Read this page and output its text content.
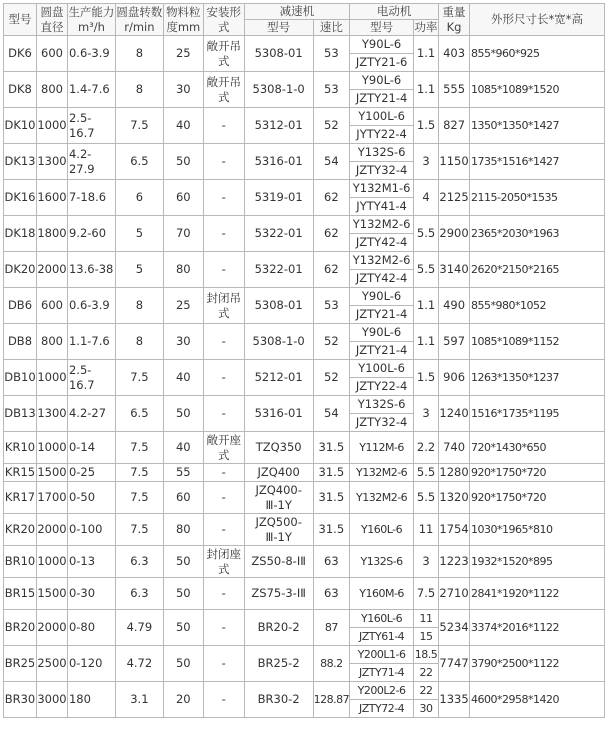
型号	圆盘直径	生产能力m³/h	圆盘转数r/min	物料粒度mm	安装形式	减速机		电动机		重量Kg	外形尺寸长*宽*高
						型号	速比	型号	功率		
DK6	600	0.6-3.9	8	25	敞开吊式	5308-01	53	Y90L-6	1.1	403	855*960*925
								JZTY21-6			
DK8	800	1.4-7.6	8	30	敞开吊式	5308-1-0	53	Y90L-6	1.1	555	1085*1089*1520
								JZTY21-4			
DK10	1000	2.5-16.7	7.5	40	-	5312-01	52	Y100L-6	1.5	827	1350*1350*1427
								JYTY22-4			
DK13	1300	4.2-27.9	6.5	50	-	5316-01	54	Y132S-6	3	1150	1735*1516*1427
								JZTY32-4			
DK16	1600	7-18.6	6	60	-	5319-01	62	Y132M1-6	4	2125	2115-2050*1535
								JYTY41-4			
DK18	1800	9.2-60	5	70	-	5322-01	62	Y132M2-6	5.5	2900	2365*2030*1963
								JZTY42-4			
DK20	2000	13.6-38	5	80	-	5322-01	62	Y132M2-6	5.5	3140	2620*2150*2165
								JZTY42-4			
DB6	600	0.6-3.9	8	25	封闭吊式	5308-01	53	Y90L-6	1.1	490	855*980*1052
								JZTY21-4			
DB8	800	1.1-7.6	8	30	-	5308-1-0	52	Y90L-6	1.1	597	1085*1089*1152
								JZTY21-4			
DB10	1000	2.5-16.7	7.5	40	-	5212-01	52	Y100L-6	1.5	906	1263*1350*1237
								JZTY22-4			
DB13	1300	4.2-27	6.5	50	-	5316-01	54	Y132S-6	3	1240	1516*1735*1195
								JZTY32-4			
KR10	1000	0-14	7.5	40	敞开座式	TZQ350	31.5	Y112M-6	2.2	740	720*1430*650
KR15	1500	0-25	7.5	55	-	JZQ400	31.5	Y132M2-6	5.5	1280	920*1750*720
KR17	1700	0-50	7.5	60	-	JZQ400-Ⅲ-1Y	31.5	Y132M2-6	5.5	1320	920*1750*720
KR20	2000	0-100	7.5	80	-	JZQ500-Ⅲ-1Y	31.5	Y160L-6	11	1754	1030*1965*810
BR10	1000	0-13	6.3	50	封闭座式	ZS50-8-ⅠⅡ	63	Y132S-6	3	1223	1932*1520*895
BR15	1500	0-30	6.3	50	-	ZS75-3-ⅠⅡ	63	Y160M-6	7.5	2710	2841*1920*1122
BR20	2000	0-80	4.79	50	-	BR20-2	87	Y160L-6	11	5234	3374*2016*1122
								JZTY61-4	15		
BR25	2500	0-120	4.72	50	-	BR25-2	88.2	Y200L1-6	18.5	7747	3790*2500*1122
								JZTY71-4	22		
BR30	3000	180	3.1	20	-	BR30-2	128.87	Y200L2-6	22	1335	4600*2958*1420
								JZTY72-4	30		
